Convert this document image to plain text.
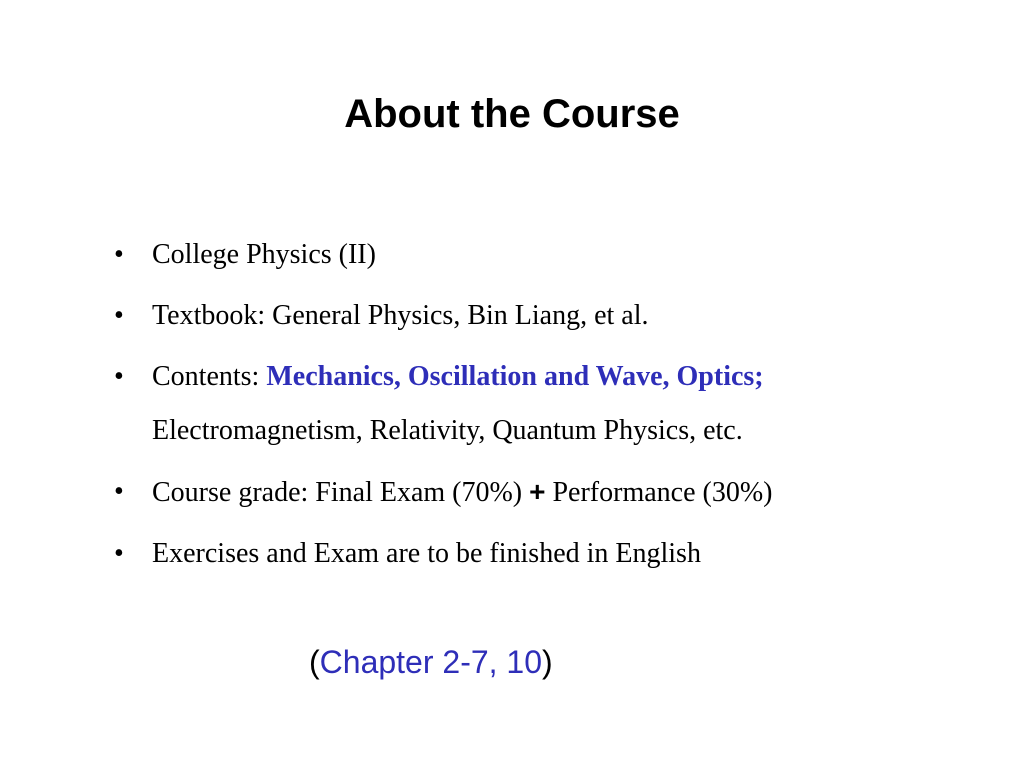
About the Course
•	College Physics (II)
•	Textbook: General Physics, Bin Liang, et al.
•	Contents: Mechanics, Oscillation and Wave, Optics;
Electromagnetism, Relativity, Quantum Physics, etc.
•	Course grade: Final Exam (70%) + Performance (30%)
•	Exercises and Exam are to be finished in English

(Chapter 2-7, 10)
